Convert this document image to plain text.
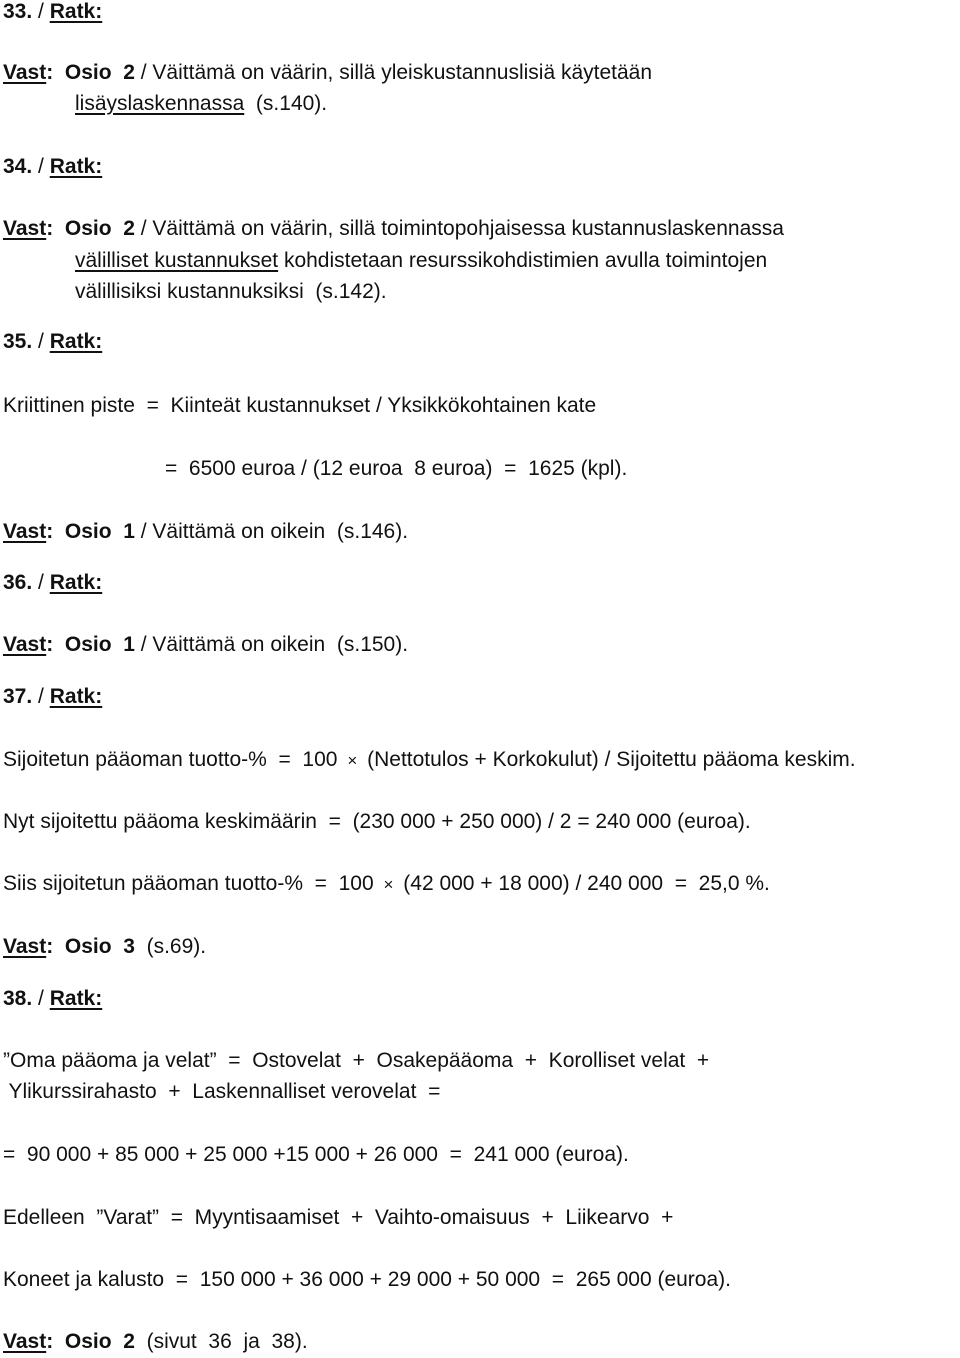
33. / Ratk:
Vast: Osio 2 / Väittämä on väärin, sillä yleiskustannuslisiä käytetään
lisäyslaskennassa  (s.140).
34. / Ratk:
Vast: Osio 2 / Väittämä on väärin, sillä toimintopohjaisessa kustannuslaskennassa
välilliset kustannukset kohdistetaan resurssikohdistimien avulla toimintojen
välillisiksi kustannuksiksi  (s.142).
35. / Ratk:
Kriittinen piste  =  Kiinteät kustannukset / Yksikkökohtainen kate
=  6500 euroa / (12 euroa  8 euroa)  =  1625 (kpl).
Vast: Osio 1 / Väittämä on oikein  (s.146).
36. / Ratk:
Vast: Osio 1 / Väittämä on oikein  (s.150).
37. / Ratk:
Sijoitetun pääoman tuotto-%  =  100 × (Nettotulos + Korkokulut) / Sijoitettu pääoma keskim.
Nyt sijoitettu pääoma keskimäärin  =  (230 000 + 250 000) / 2 = 240 000 (euroa).
Siis sijoitetun pääoman tuotto-%  =  100 × (42 000 + 18 000) / 240 000  =  25,0 %.
Vast: Osio 3  (s.69).
38. / Ratk:
”Oma pääoma ja velat”  =  Ostovelat  +  Osakepääoma  +  Korolliset velat  +
Ylikurssirahasto  +  Laskennalliset verovelat  =
=  90 000 + 85 000 + 25 000 +15 000 + 26 000  =  241 000 (euroa).
Edelleen  ”Varat”  =  Myyntisaamiset  +  Vaihto-omaisuus  +  Liikearvo  +
Koneet ja kalusto  =  150 000 + 36 000 + 29 000 + 50 000  =  265 000 (euroa).
Vast: Osio 2  (sivut  36  ja  38).
